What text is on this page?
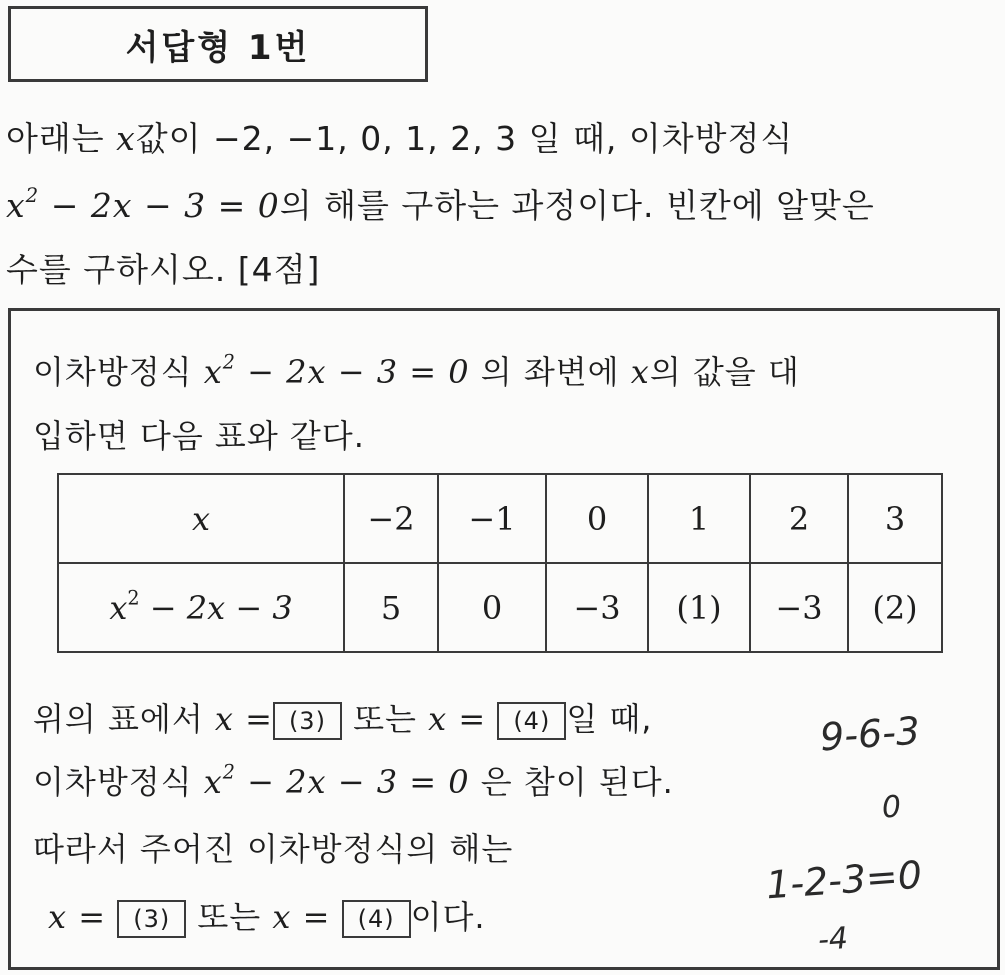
서답형 1번
아래는 x값이 −2, −1, 0, 1, 2, 3 일 때, 이차방정식
$x^2 - 2x - 3 = 0$의 해를 구하는 과정이다. 빈칸에 알맞은
수를 구하시오. [4점]
이차방정식 $x^2 - 2x - 3 = 0$ 의 좌변에 x의 값을 대
입하면 다음 표와 같다.
x	−2	−1	0	1	2	3
$x^2 - 2x - 3$	5	0	−3	(1)	−3	(2)
위의 표에서 x = (3) 또는 x = (4) 일 때,
이차방정식 $x^2 - 2x - 3 = 0$ 은 참이 된다.
따라서 주어진 이차방정식의 해는
x = (3) 또는 x = (4) 이다.
9-6-3
0
1-2-3=0
-4
